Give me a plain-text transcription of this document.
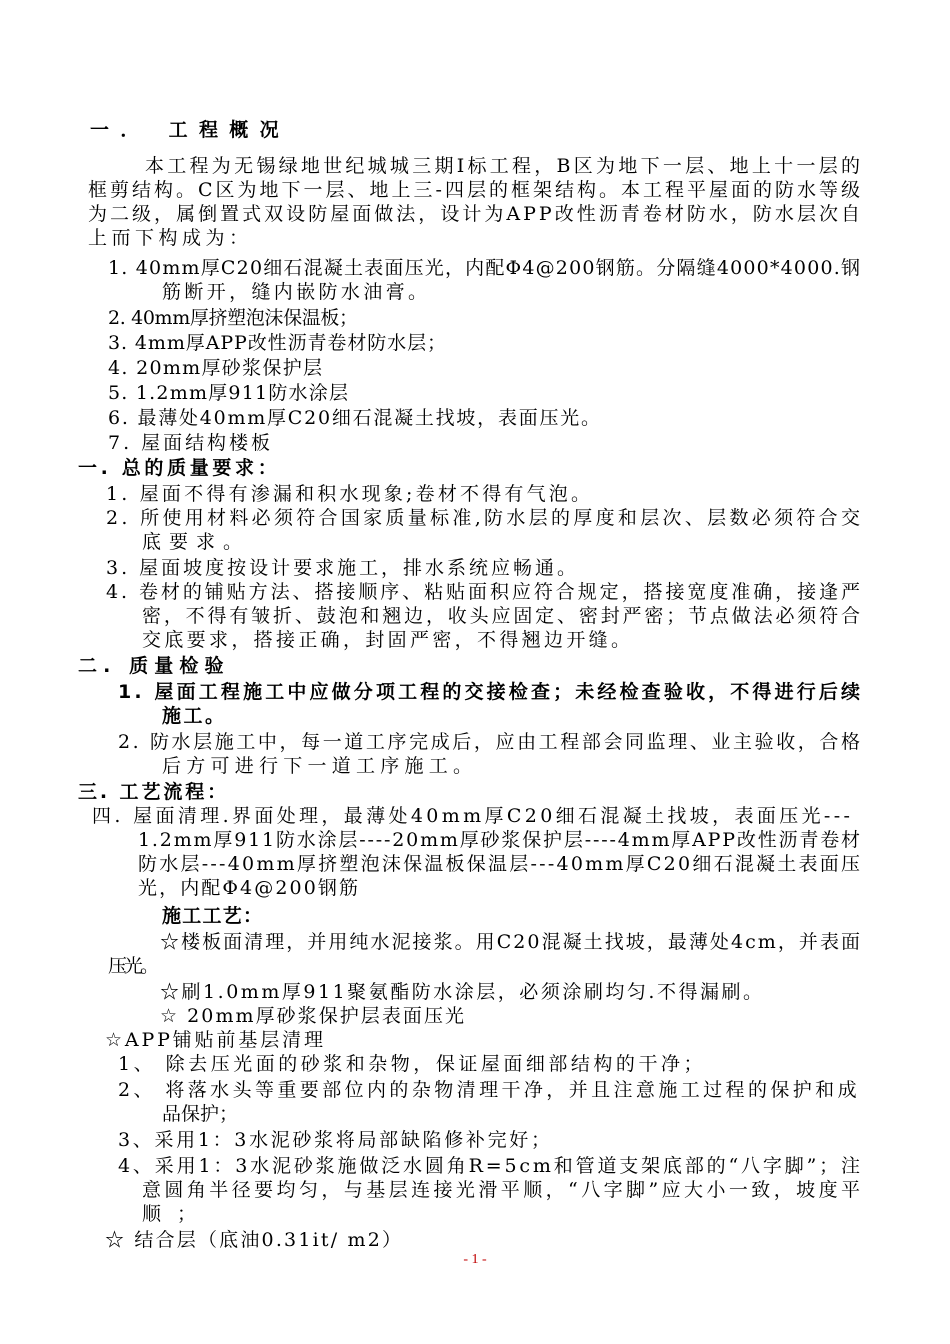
一． 工程概况
本工程为无锡绿地世纪城城三期Ⅰ标工程，B区为地下一层、地上十一层的
框剪结构。C区为地下一层、地上三-四层的框架结构。本工程平屋面的防水等级
为二级，属倒置式双设防屋面做法，设计为APP改性沥青卷材防水，防水层次自
上而下构成为：
1. 40mm厚C20细石混凝土表面压光，内配Φ4@200钢筋。分隔缝4000*4000.钢
筋断开，缝内嵌防水油膏。
2. 40mm厚挤塑泡沫保温板；
3. 4mm厚APP改性沥青卷材防水层；
4. 20mm厚砂浆保护层
5. 1.2mm厚911防水涂层
6. 最薄处40mm厚C20细石混凝土找坡，表面压光。
7. 屋面结构楼板
一. 总的质量要求：
1. 屋面不得有渗漏和积水现象;卷材不得有气泡。
2. 所使用材料必须符合国家质量标准,防水层的厚度和层次、层数必须符合交
底要求。
3. 屋面坡度按设计要求施工，排水系统应畅通。
4. 卷材的铺贴方法、搭接顺序、粘贴面积应符合规定，搭接宽度准确，接逢严
密，不得有皱折、鼓泡和翘边，收头应固定、密封严密；节点做法必须符合
交底要求，搭接正确，封固严密，不得翘边开缝。
二. 质量检验
1. 屋面工程施工中应做分项工程的交接检查；未经检查验收，不得进行后续
施工。
2. 防水层施工中，每一道工序完成后，应由工程部会同监理、业主验收，合格
后方可进行下一道工序施工。
三. 工艺流程：
四. 屋面清理.界面处理，最薄处40mm厚C20细石混凝土找坡，表面压光---
1.2mm厚911防水涂层----20mm厚砂浆保护层----4mm厚APP改性沥青卷材
防水层---40mm厚挤塑泡沫保温板保温层---40mm厚C20细石混凝土表面压
光，内配Φ4@200钢筋
施工工艺：
☆楼板面清理，并用纯水泥接浆。用C20混凝土找坡，最薄处4cm，并表面
压光。
☆刷1.0mm厚911聚氨酯防水涂层，必须涂刷均匀.不得漏刷。
☆ 20mm厚砂浆保护层表面压光
☆APP铺贴前基层清理
1、 除去压光面的砂浆和杂物，保证屋面细部结构的干净；
2、 将落水头等重要部位内的杂物清理干净，并且注意施工过程的保护和成
品保护；
3、采用1：3水泥砂浆将局部缺陷修补完好；
4、采用1：3水泥砂浆施做泛水圆角R=5cm和管道支架底部的“八字脚”；注
意圆角半径要均匀，与基层连接光滑平顺，“八字脚”应大小一致，坡度平
顺；
☆ 结合层（底油0.31it/ m2）
- 1 -
